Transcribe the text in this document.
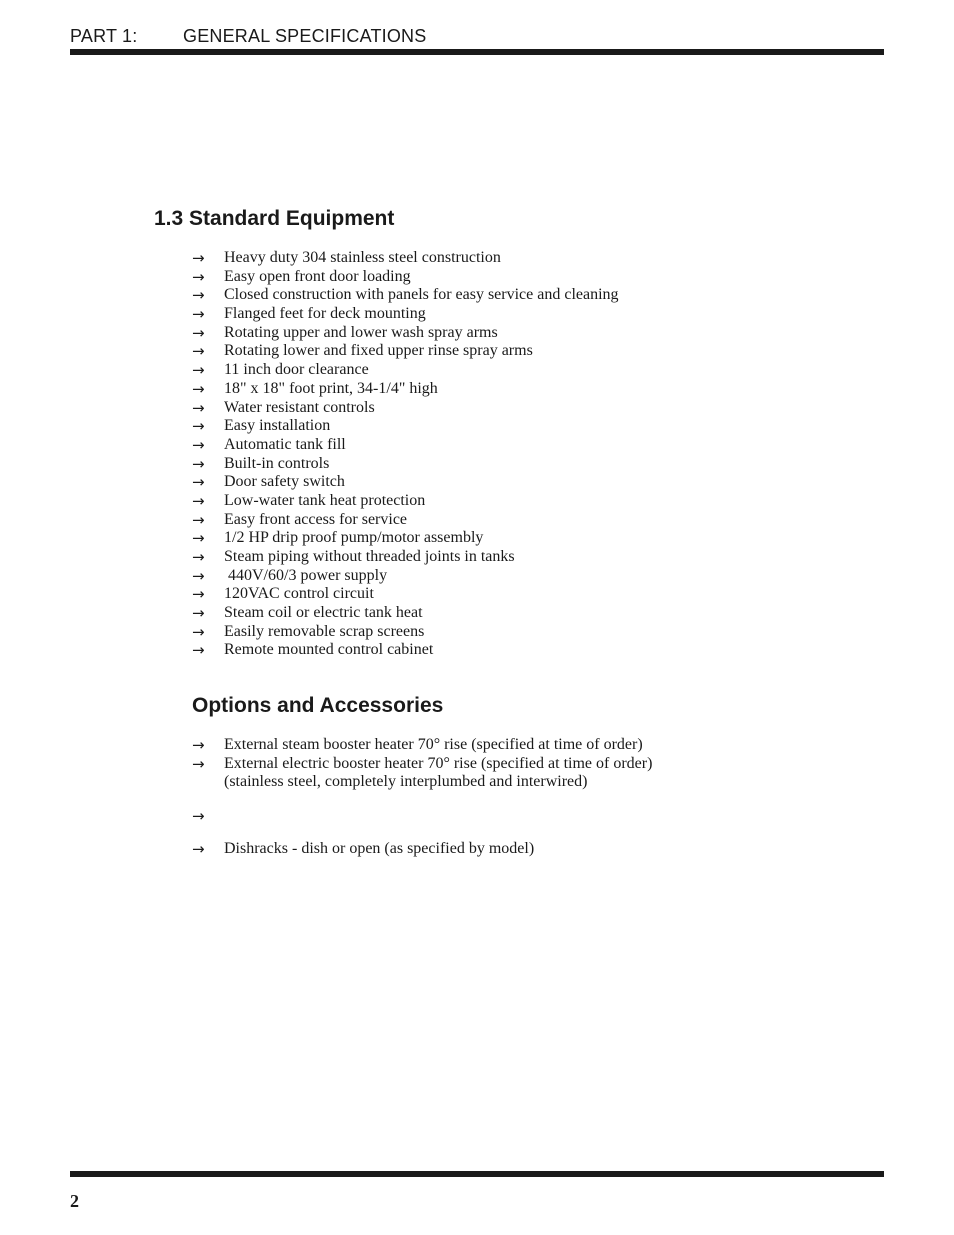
PART 1:	GENERAL SPECIFICATIONS
1.3 Standard Equipment
→	Heavy duty 304 stainless steel construction
→	Easy open front door loading
→	Closed construction with panels for easy service and cleaning
→	Flanged feet for deck mounting
→	Rotating upper and lower wash spray arms
→	Rotating lower and fixed upper rinse spray arms
→	11 inch door clearance
→	18" x 18" foot print, 34-1/4" high
→	Water resistant controls
→	Easy installation
→	Automatic tank fill
→	Built-in controls
→	Door safety switch
→	Low-water tank heat protection
→	Easy front access for service
→	1/2 HP drip proof pump/motor assembly
→	Steam piping without threaded joints in tanks
→	440V/60/3 power supply
→	120VAC control circuit
→	Steam coil or electric tank heat
→	Easily removable scrap screens
→	Remote mounted control cabinet
Options and Accessories
→	External steam booster heater 70° rise (specified at time of order)
→	External electric booster heater 70° rise (specified at time of order)
(stainless steel, completely interplumbed and interwired)
→
→	Dishracks - dish or open (as specified by model)
2
